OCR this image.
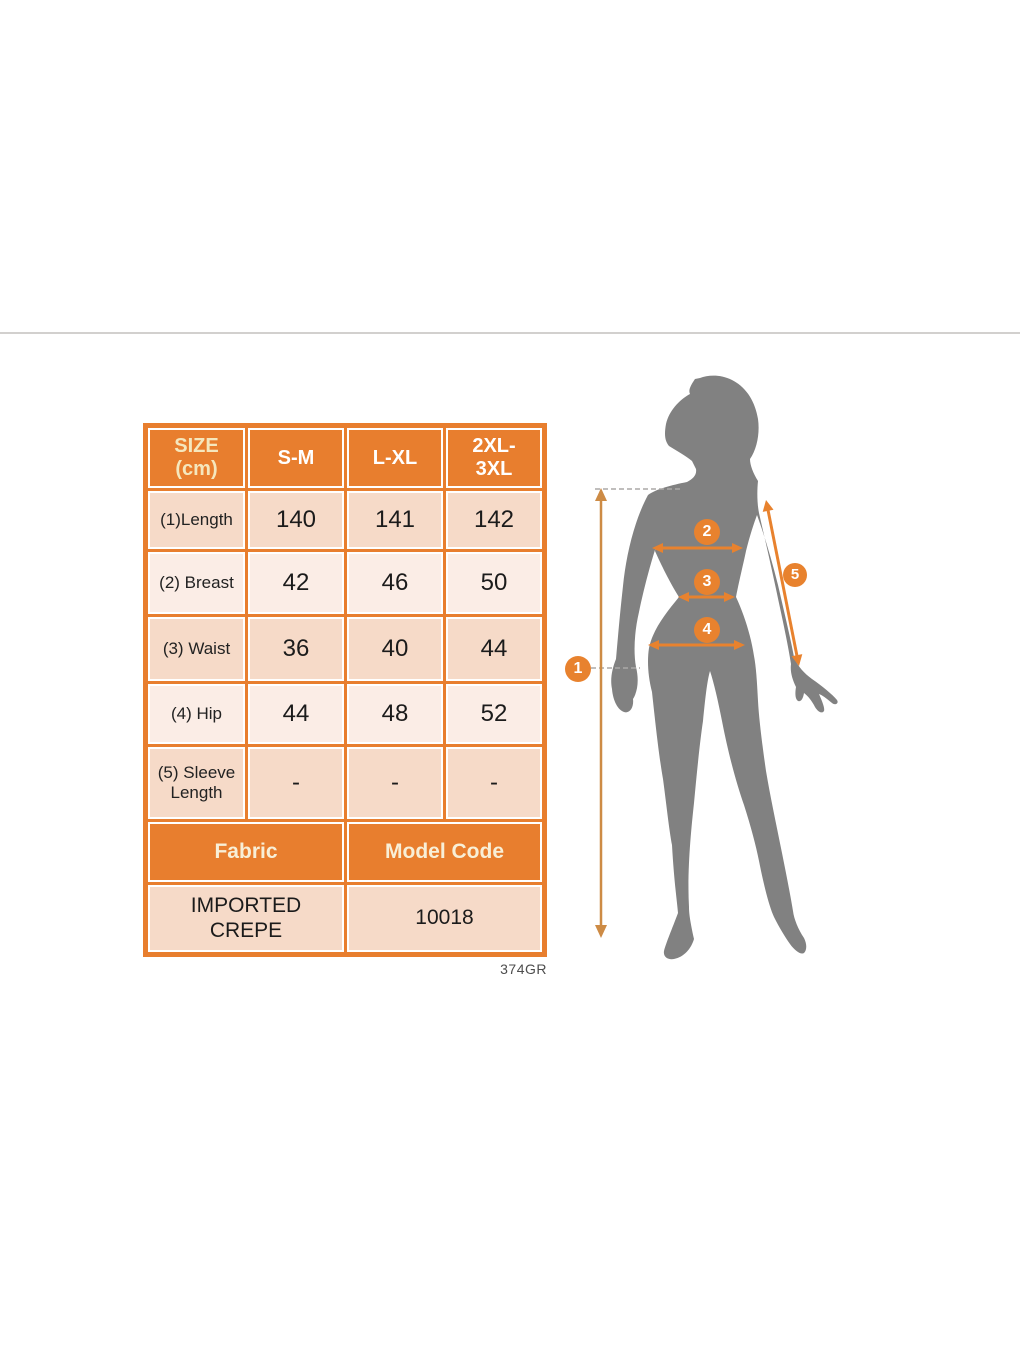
SIZE (cm)	S-M	L-XL	2XL-3XL
(1)Length	140	141	142
(2) Breast	42	46	50
(3) Waist	36	40	44
(4) Hip	44	48	52
(5) Sleeve Length	-	-	-
Fabric		Model Code	
IMPORTED CREPE		10018	
374GR
1
2
3
4
5
